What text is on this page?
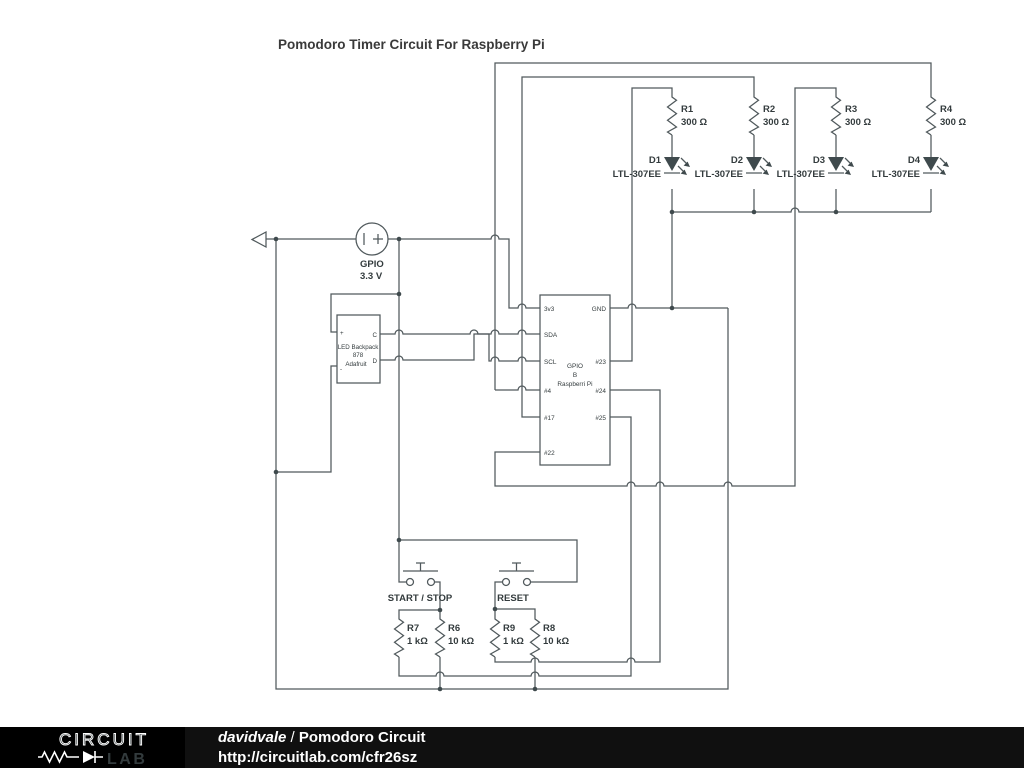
Pomodoro Timer Circuit For Raspberry Pi
GPIO
3.3 V
+	C
LED Backpack
878
Adafruit D
-
3v3
SDA
SCL
#4
#17
#22
GND
#23
#24
#25
GPIO
B
Raspberri Pi
R1
300 Ω
D1
LTL-307EE
R2
300 Ω
D2
LTL-307EE
R3
300 Ω
D3
LTL-307EE
R4
300 Ω
D4
LTL-307EE
START / STOP	RESET
R7
1 kΩ
R6
10 kΩ
R9
1 kΩ
R8
10 kΩ
CIRCUIT
LAB
davidvale / Pomodoro Circuit
http://circuitlab.com/cfr26sz
